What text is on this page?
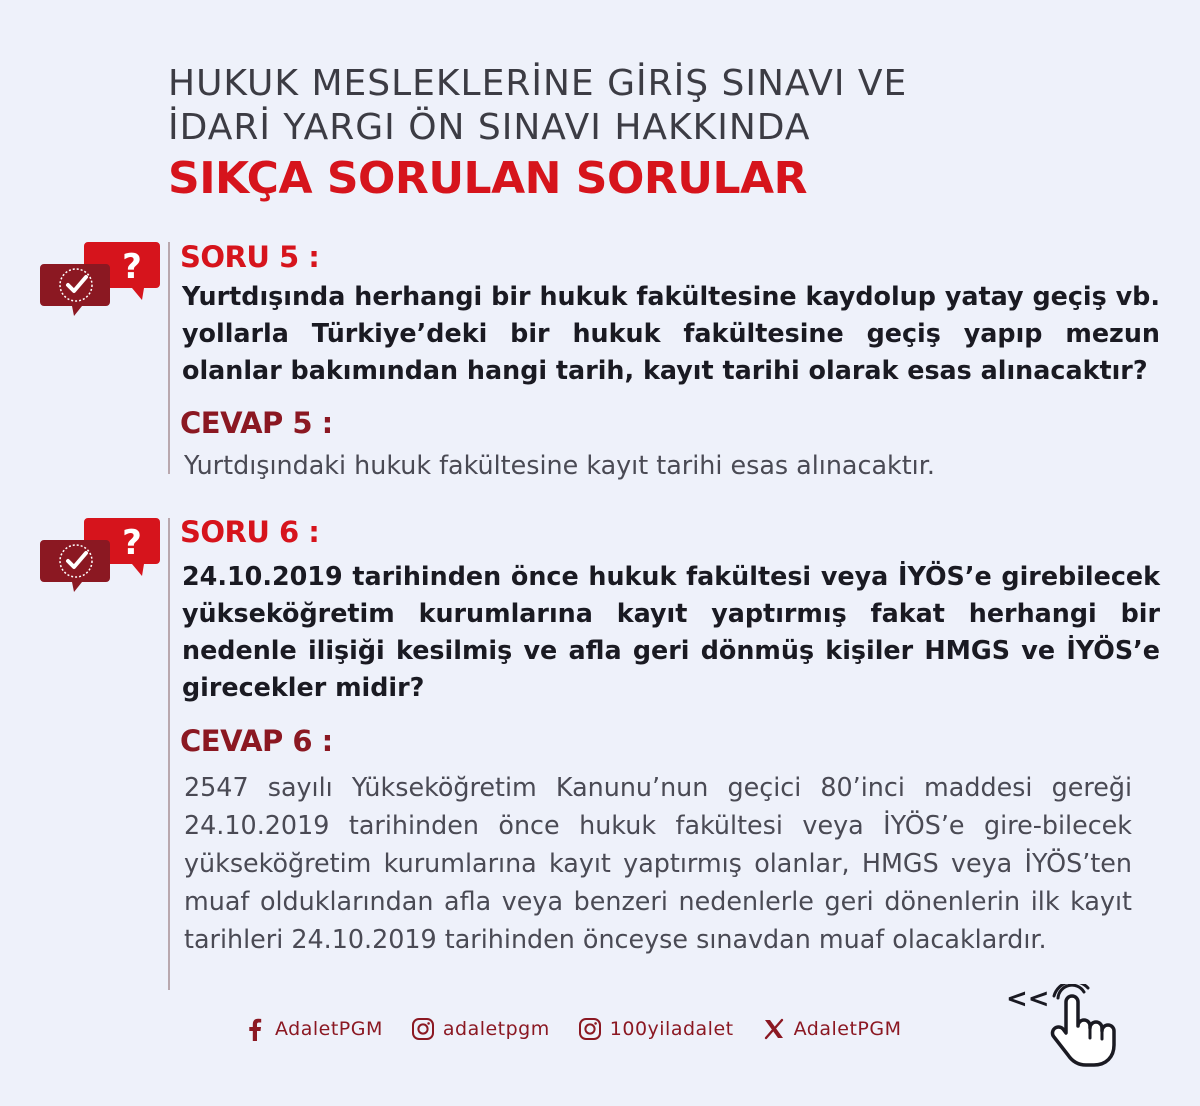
HUKUK MESLEKLERİNE GİRİŞ SINAVI VE
İDARİ YARGI ÖN SINAVI HAKKINDA
SIKÇA SORULAN SORULAR
? SORU 5 :
Yurtdışında herhangi bir hukuk fakültesine kaydolup yatay geçiş vb. yollarla Türkiye’deki bir hukuk fakültesine geçiş yapıp mezun olanlar bakımından hangi tarih, kayıt tarihi olarak esas alınacaktır?
CEVAP 5 :
Yurtdışındaki hukuk fakültesine kayıt tarihi esas alınacaktır.
? SORU 6 :
24.10.2019 tarihinden önce hukuk fakültesi veya İYÖS’e girebilecek yükseköğretim kurumlarına kayıt yaptırmış fakat herhangi bir nedenle ilişiği kesilmiş ve afla geri dönmüş kişiler HMGS ve İYÖS’e girecekler midir?
CEVAP 6 :
2547 sayılı Yükseköğretim Kanunu’nun geçici 80’inci maddesi gereği 24.10.2019 tarihinden önce hukuk fakültesi veya İYÖS’e gire-bilecek yükseköğretim kurumlarına kayıt yaptırmış olanlar, HMGS veya İYÖS’ten muaf olduklarından afla veya benzeri nedenlerle geri dönenlerin ilk kayıt tarihleri 24.10.2019 tarihinden önceyse sınavdan muaf olacaklardır.
AdaletPGM	adaletpgm	100yiladalet	AdaletPGM
<<
